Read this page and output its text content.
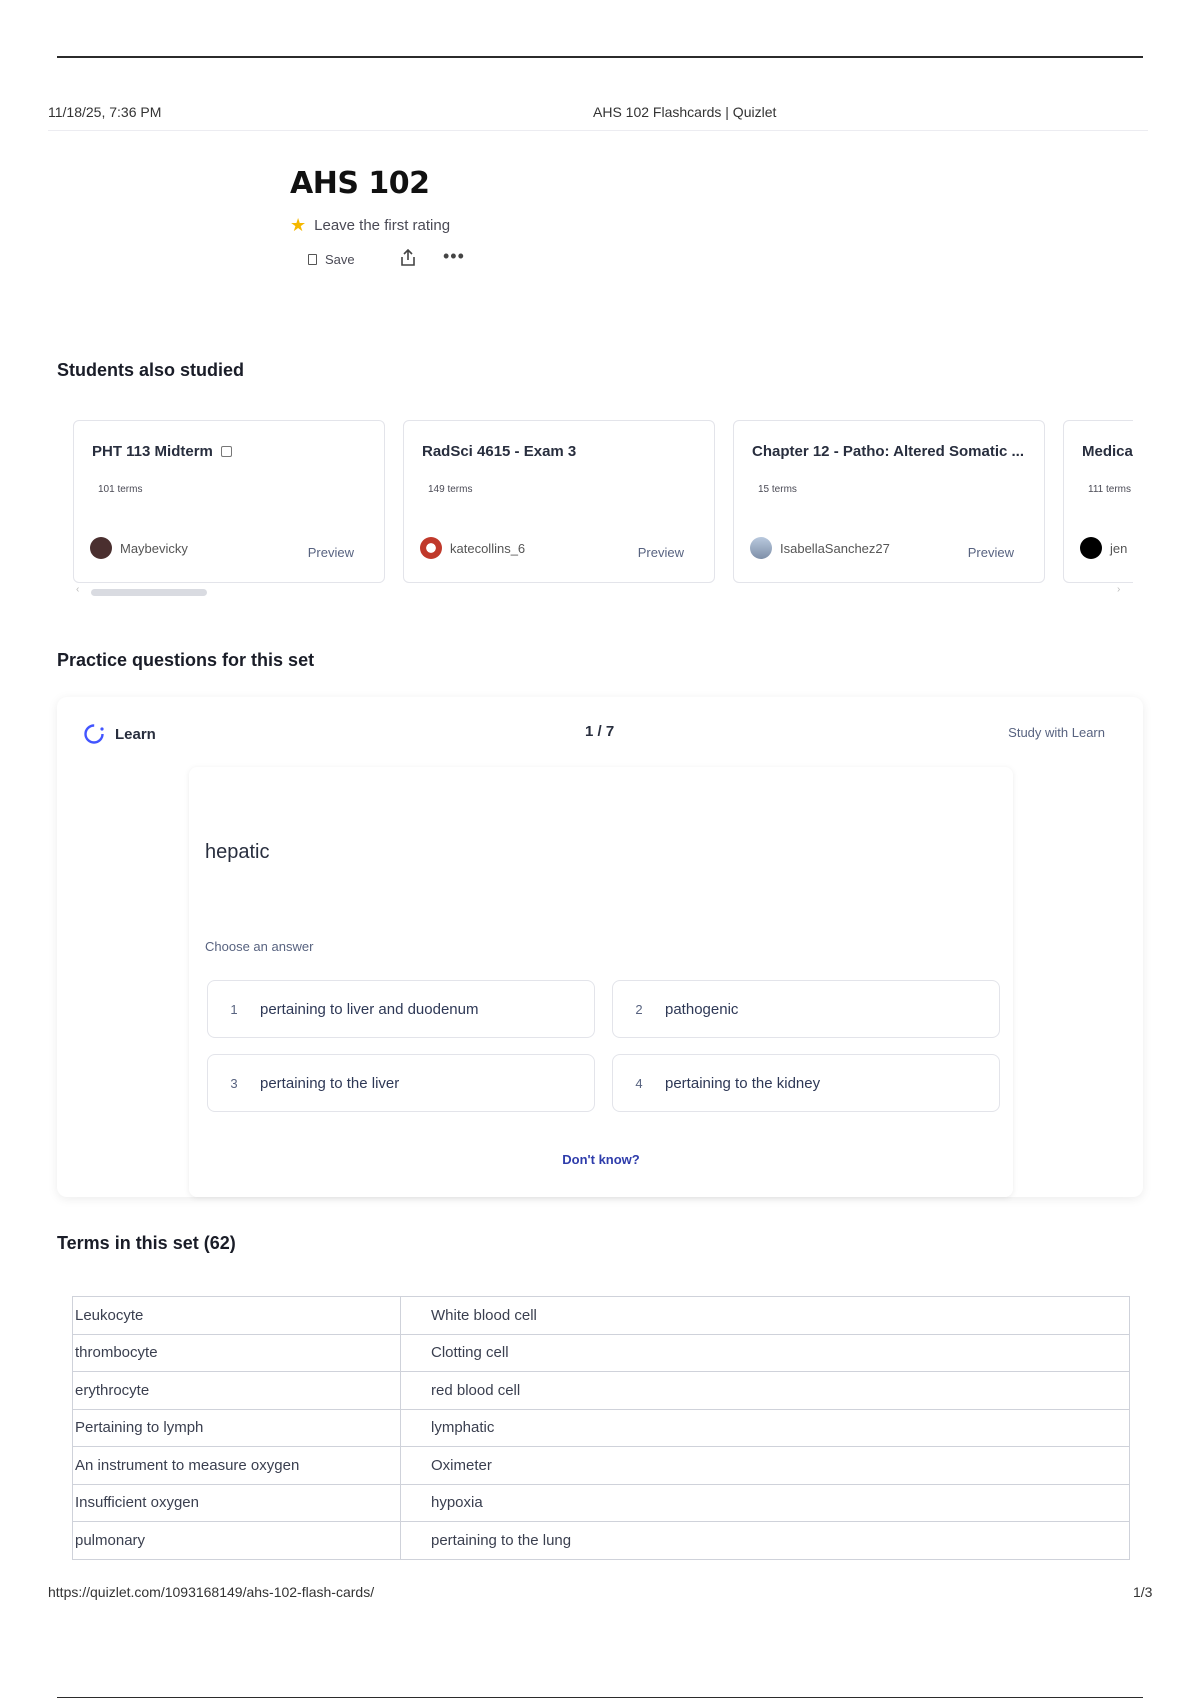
11/18/25, 7:36 PM	AHS 102 Flashcards | Quizlet
AHS 102
★ Leave the first rating
Save	•••
Students also studied
PHT 113 Midterm
101 terms
Maybevicky	Preview
RadSci 4615 - Exam 3
149 terms
katecollins_6	Preview
Chapter 12 - Patho: Altered Somatic ...
15 terms
IsabellaSanchez27	Preview
Medica
111 terms
jen
‹	›
Practice questions for this set
Learn	1 / 7	Study with Learn
hepatic
Choose an answer
1	pertaining to liver and duodenum	2	pathogenic
3	pertaining to the liver	4	pertaining to the kidney
Don't know?
Terms in this set (62)
Leukocyte	White blood cell
thrombocyte	Clotting cell
erythrocyte	red blood cell
Pertaining to lymph	lymphatic
An instrument to measure oxygen	Oximeter
Insufficient oxygen	hypoxia
pulmonary	pertaining to the lung
https://quizlet.com/1093168149/ahs-102-flash-cards/	1/3
